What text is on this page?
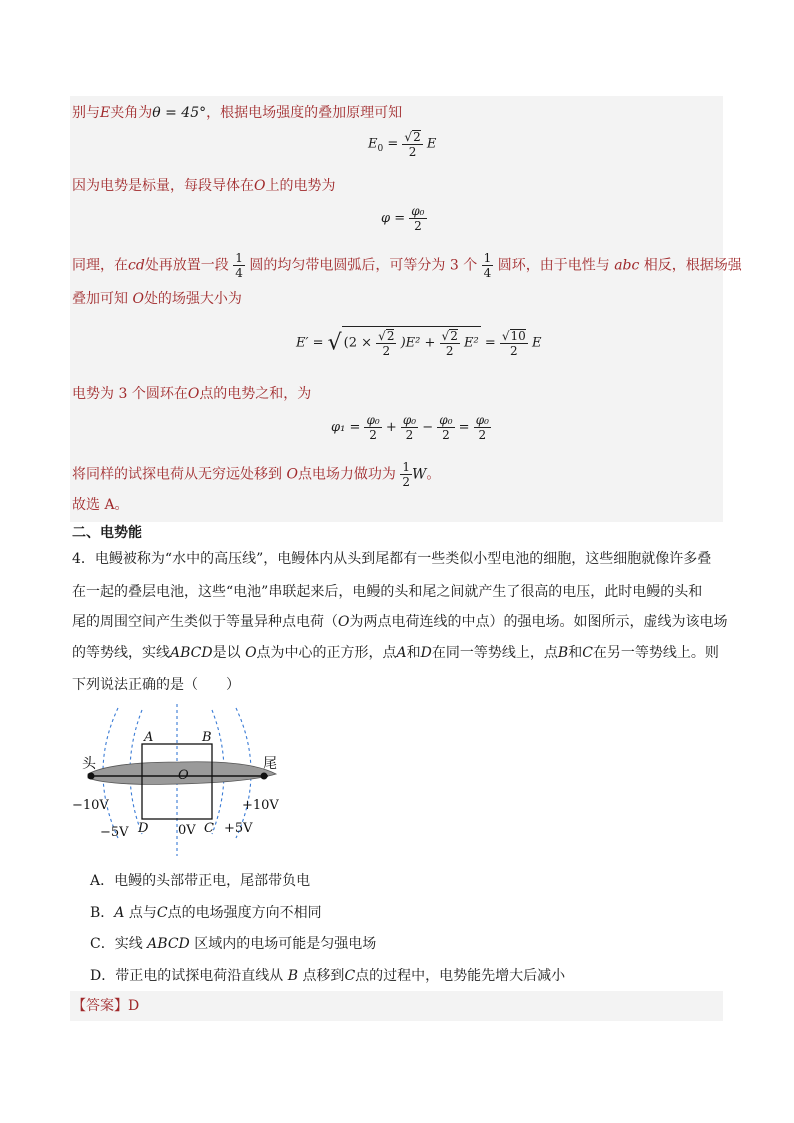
别与E夹角为θ = 45°，根据电场强度的叠加原理可知
$E_0 = \frac{√2}{2}$ E
因为电势是标量，每段导体在O上的电势为
$\varphi = \frac{\text{φ₀}}{2}$
同理，在cd处再放置一段 $\frac{1}{4}$ 圆的均匀带电圆弧后，可等分为 3 个 $\frac{1}{4}$ 圆环，由于电性与 abc 相反，根据场强
叠加可知 O处的场强大小为
E′ = √ $(2 \times \frac{√2}{2} )E^2 + \frac{√2}{2} E^2 = \frac{√10}{2}$ E
电势为 3 个圆环在O点的电势之和，为
$\varphi_1 = \frac{\text{φ₀}}{2} + \frac{\text{φ₀}}{2} - \frac{\text{φ₀}}{2} = \frac{\text{φ₀}}{2}$
将同样的试探电荷从无穷远处移到 O点电场力做功为 $\frac{1}{2}$ W。
故选 A。
二、电势能
4．电鳗被称为“水中的高压线”，电鳗体内从头到尾都有一些类似小型电池的细胞，这些细胞就像许多叠
在一起的叠层电池，这些“电池”串联起来后，电鳗的头和尾之间就产生了很高的电压，此时电鳗的头和
尾的周围空间产生类似于等量异种点电荷（O为两点电荷连线的中点）的强电场。如图所示，虚线为该电场
的等势线，实线ABCD是以 O点为中心的正方形，点A和D在同一等势线上，点B和C在另一等势线上。则
下列说法正确的是（　　）
头	尾
A	B
O
D	C
−10V	+10V
−5V	0V +5V
A．电鳗的头部带正电，尾部带负电
B．A 点与C点的电场强度方向不相同
C．实线 ABCD 区域内的电场可能是匀强电场
D．带正电的试探电荷沿直线从 B 点移到C点的过程中，电势能先增大后减小
【答案】D
